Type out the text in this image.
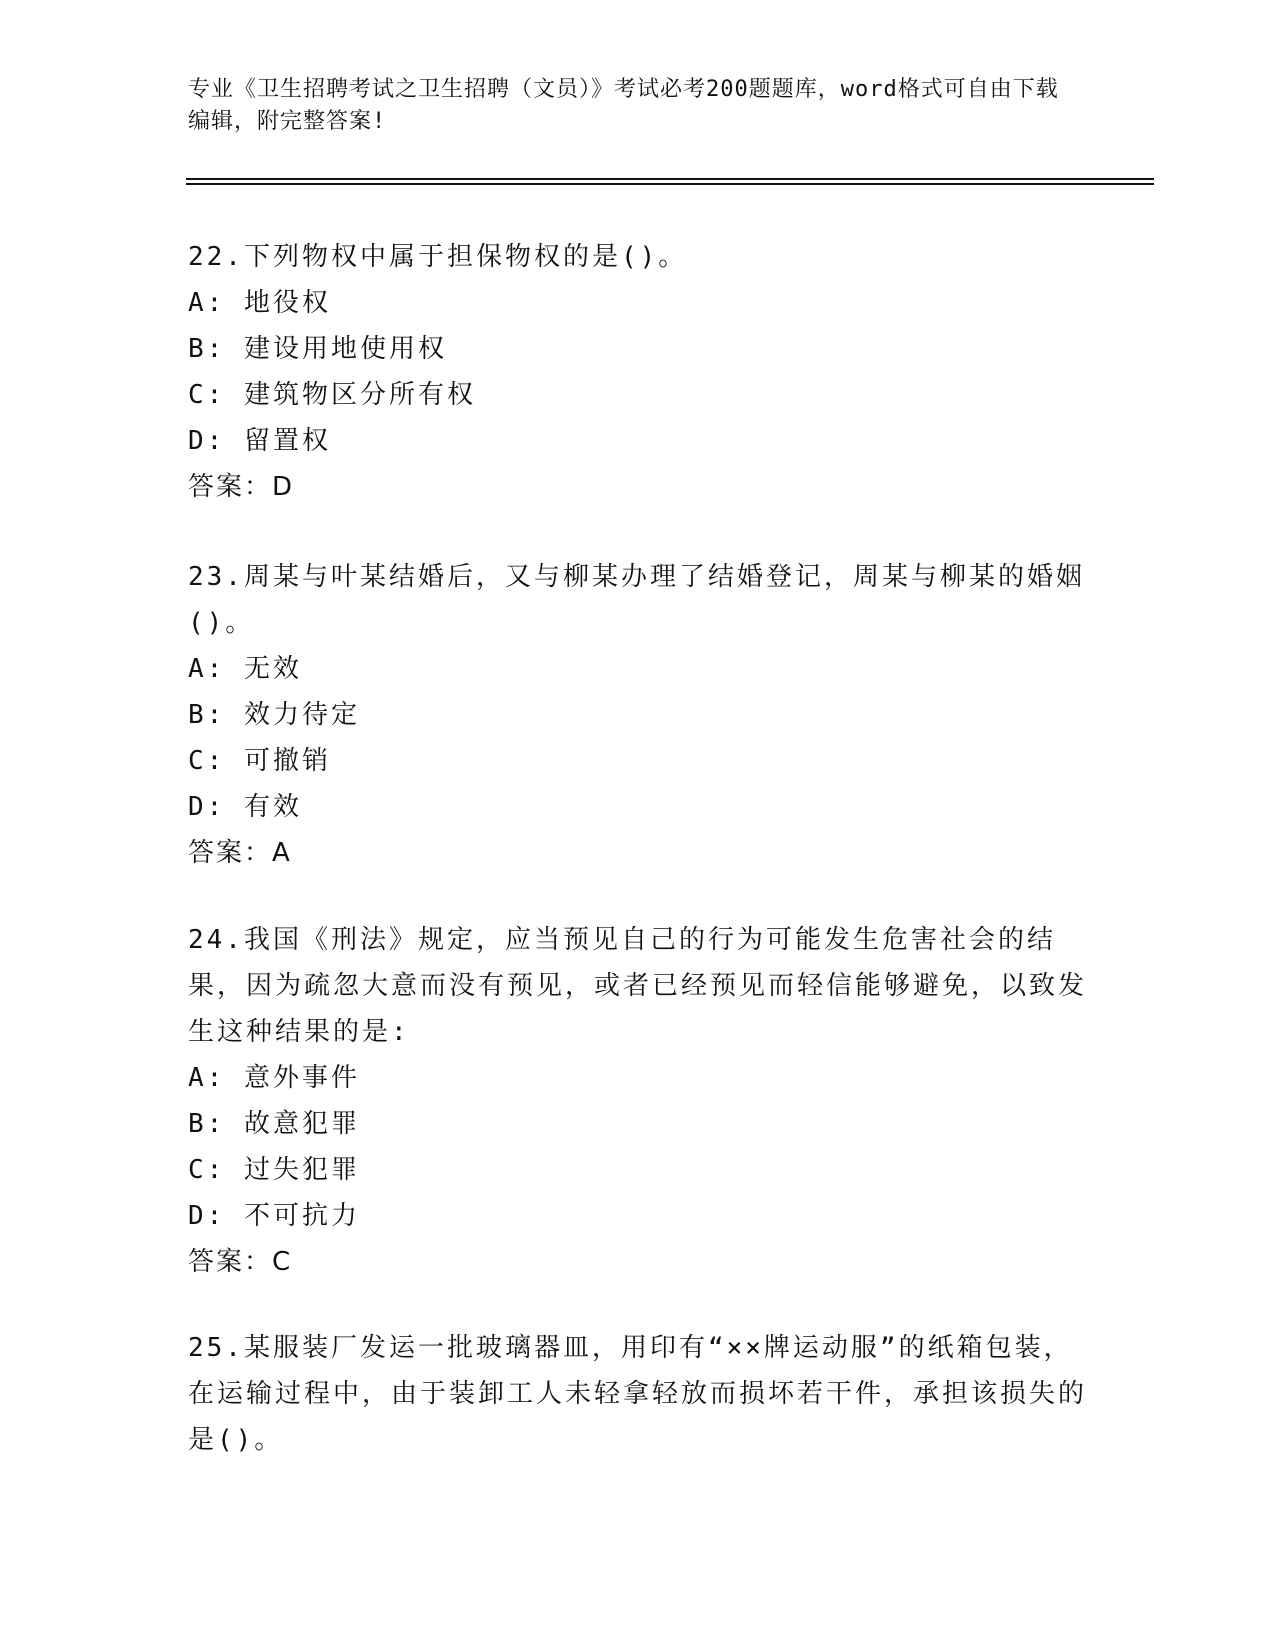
专业《卫生招聘考试之卫生招聘（文员）》考试必考200题题库，word格式可自由下载编辑，附完整答案!

22.下列物权中属于担保物权的是()。

A: 地役权

B: 建设用地使用权

C: 建筑物区分所有权

D: 留置权

答案：D

23.周某与叶某结婚后，又与柳某办理了结婚登记，周某与柳某的婚姻()。

A: 无效

B: 效力待定

C: 可撤销

D: 有效

答案：A

24.我国《刑法》规定，应当预见自己的行为可能发生危害社会的结果，因为疏忽大意而没有预见，或者已经预见而轻信能够避免，以致发生这种结果的是:

A: 意外事件

B: 故意犯罪

C: 过失犯罪

D: 不可抗力

答案：C

25.某服装厂发运一批玻璃器皿，用印有“××牌运动服”的纸箱包装，在运输过程中，由于装卸工人未轻拿轻放而损坏若干件，承担该损失的是()。
